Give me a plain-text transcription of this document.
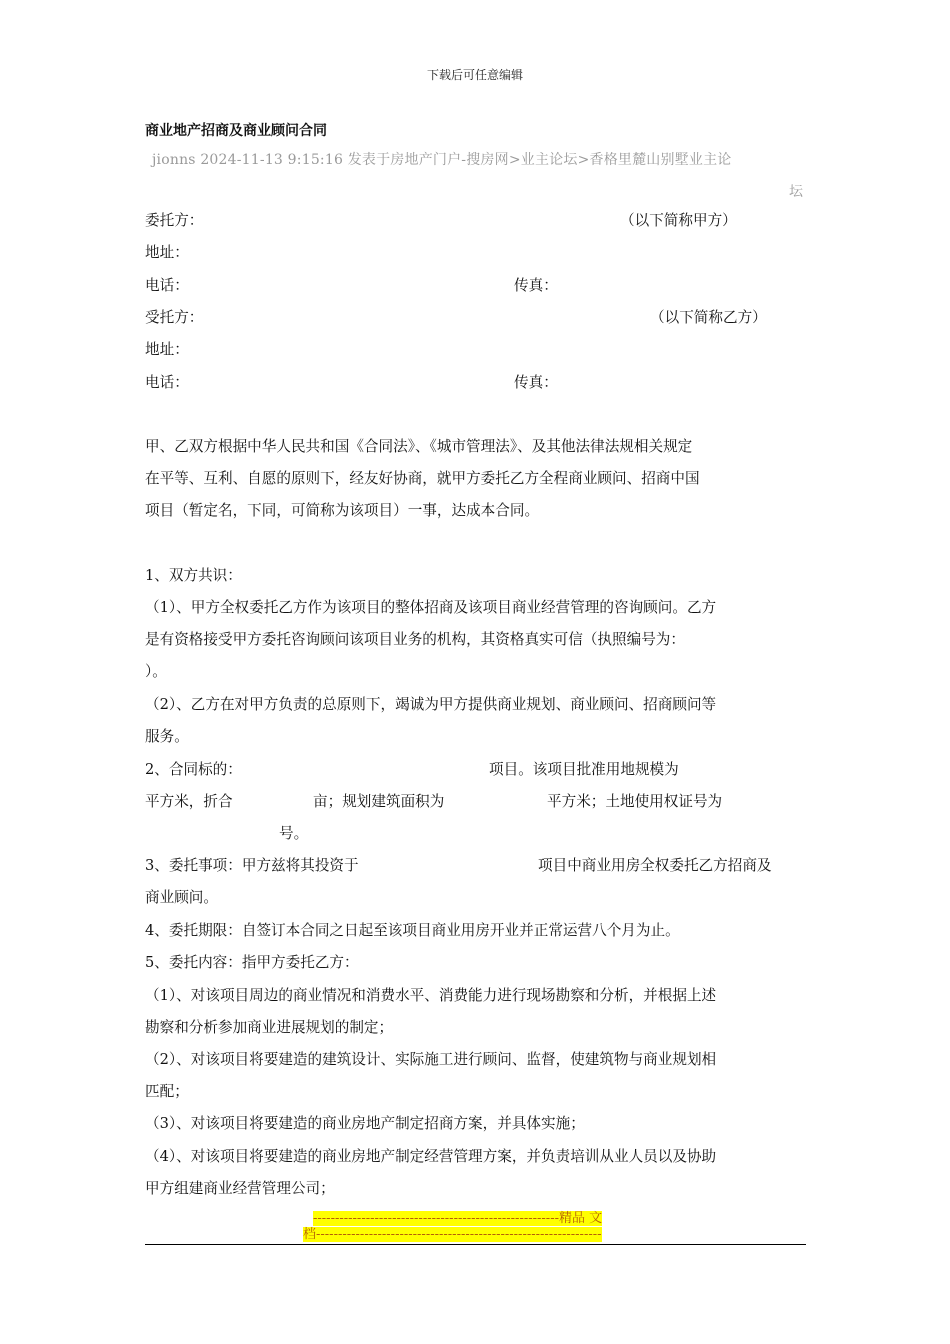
下载后可任意编辑
商业地产招商及商业顾问合同
jionns 2024-11-13 9:15:16 发表于房地产门户-搜房网>业主论坛>香格里麓山别墅业主论
坛
委托方：	（以下简称甲方）
地址：
电话：	传真：
受托方：	（以下简称乙方）
地址：
电话：	传真：
甲、乙双方根据中华人民共和国《合同法》、《城市管理法》、及其他法律法规相关规定
在平等、互利、自愿的原则下，经友好协商，就甲方委托乙方全程商业顾问、招商中国
项目（暂定名，下同，可简称为该项目）一事，达成本合同。
1、双方共识：
（1）、甲方全权委托乙方作为该项目的整体招商及该项目商业经营管理的咨询顾问。乙方
是有资格接受甲方委托咨询顾问该项目业务的机构，其资格真实可信（执照编号为：
）。
（2）、乙方在对甲方负责的总原则下，竭诚为甲方提供商业规划、商业顾问、招商顾问等
服务。
2、合同标的：	项目。该项目批准用地规模为
平方米，折合	亩；规划建筑面积为	平方米；土地使用权证号为
号。
3、委托事项：甲方兹将其投资于	项目中商业用房全权委托乙方招商及
商业顾问。
4、委托期限：自签订本合同之日起至该项目商业用房开业并正常运营八个月为止。
5、委托内容：指甲方委托乙方：
（1）、对该项目周边的商业情况和消费水平、消费能力进行现场勘察和分析，并根据上述
勘察和分析参加商业进展规划的制定；
（2）、对该项目将要建造的建筑设计、实际施工进行顾问、监督，使建筑物与商业规划相
匹配；
（3）、对该项目将要建造的商业房地产制定招商方案，并具体实施；
（4）、对该项目将要建造的商业房地产制定经营管理方案，并负责培训从业人员以及协助
甲方组建商业经营管理公司；
--------------------------------------------------------精品 文
档-----------------------------------------------------------------
